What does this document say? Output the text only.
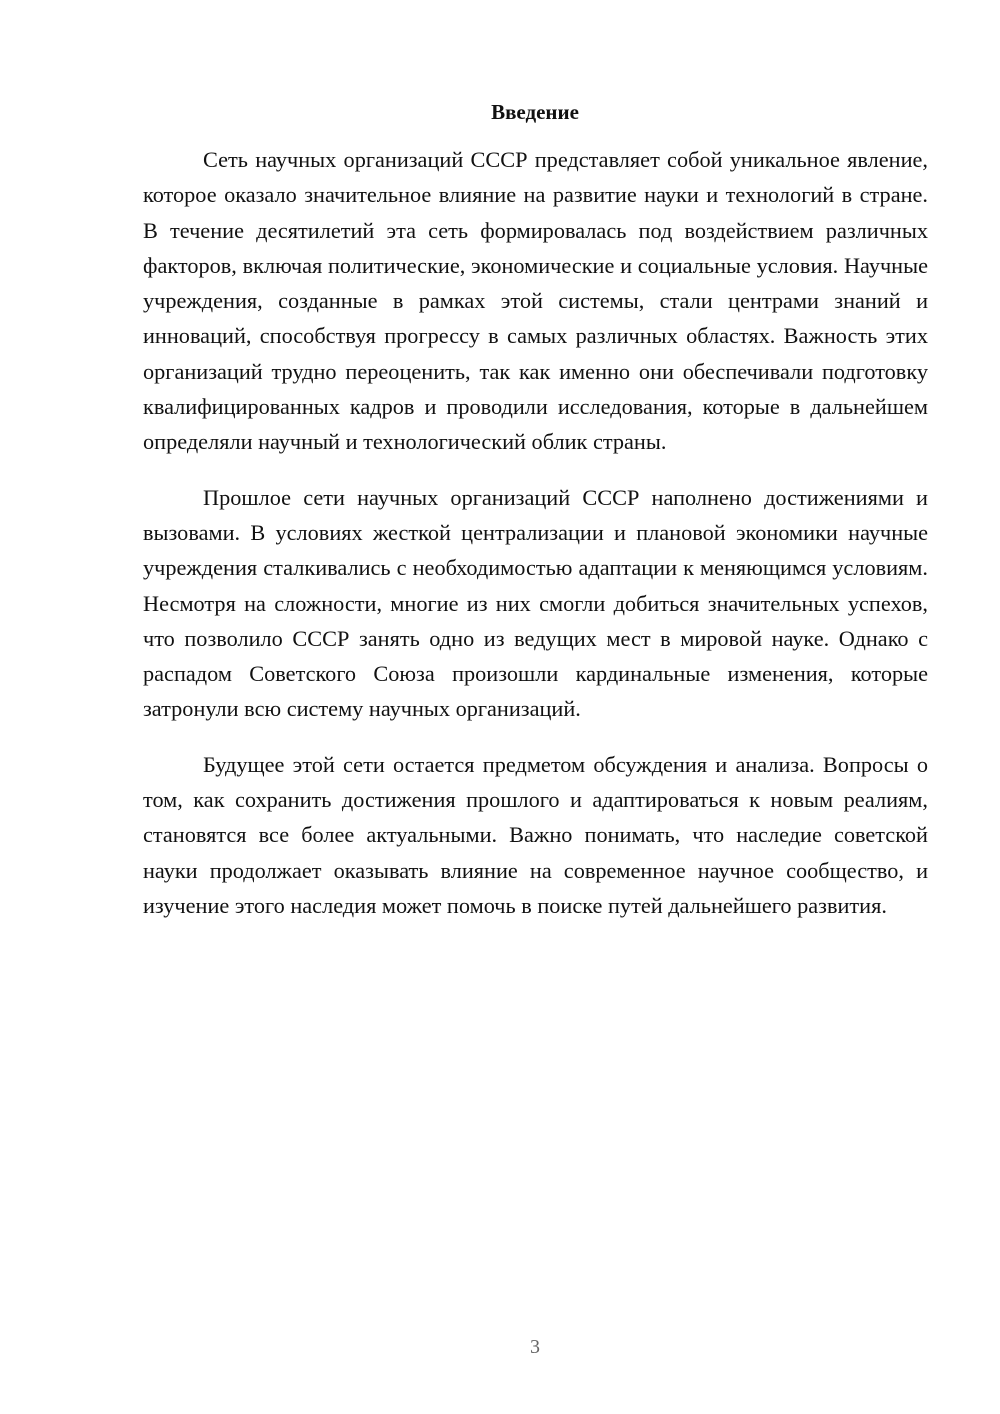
Введение

Сеть научных организаций СССР представляет собой уникальное явление, которое оказало значительное влияние на развитие науки и технологий в стране. В течение десятилетий эта сеть формировалась под воздействием различных факторов, включая политические, экономические и социальные условия. Научные учреждения, созданные в рамках этой системы, стали центрами знаний и инноваций, способствуя прогрессу в самых различных областях. Важность этих организаций трудно переоценить, так как именно они обеспечивали подготовку квалифицированных кадров и проводили исследования, которые в дальнейшем определяли научный и технологический облик страны.

Прошлое сети научных организаций СССР наполнено достижениями и вызовами. В условиях жесткой централизации и плановой экономики научные учреждения сталкивались с необходимостью адаптации к меняющимся условиям. Несмотря на сложности, многие из них смогли добиться значительных успехов, что позволило СССР занять одно из ведущих мест в мировой науке. Однако с распадом Советского Союза произошли кардинальные изменения, которые затронули всю систему научных организаций.

Будущее этой сети остается предметом обсуждения и анализа. Вопросы о том, как сохранить достижения прошлого и адаптироваться к новым реалиям, становятся все более актуальными. Важно понимать, что наследие советской науки продолжает оказывать влияние на современное научное сообщество, и изучение этого наследия может помочь в поиске путей дальнейшего развития.

3
